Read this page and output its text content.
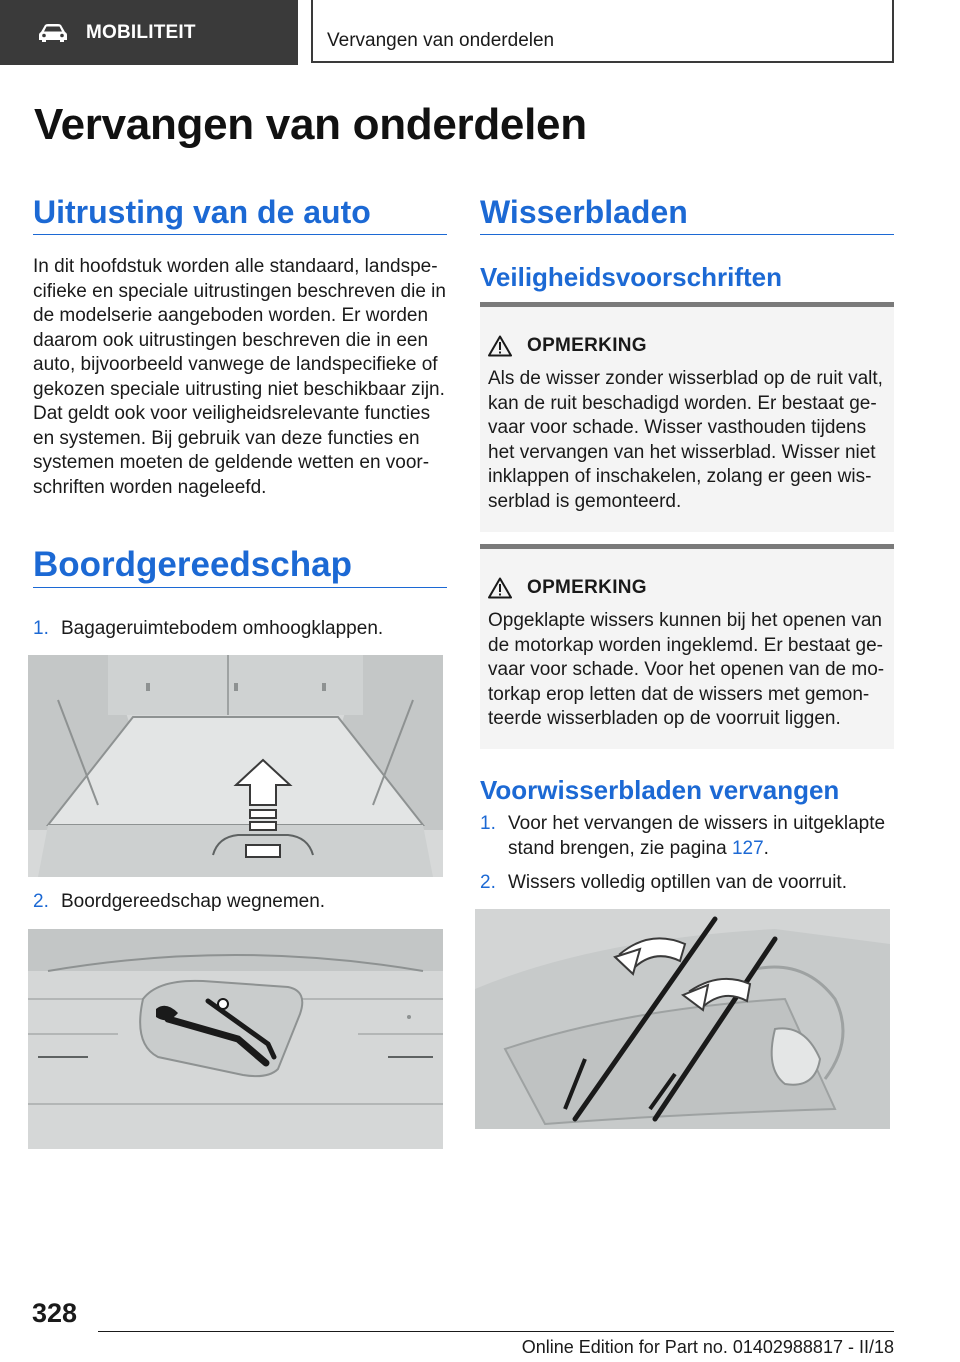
MOBILITEIT	Vervangen van onderdelen
Vervangen van onderdelen
Uitrusting van de auto
In dit hoofdstuk worden alle standaard, landspecifieke en speciale uitrustingen beschreven die in de modelserie aangeboden worden. Er worden daarom ook uitrustingen beschreven die in een auto, bijvoorbeeld vanwege de landspecifieke of gekozen speciale uitrusting niet beschikbaar zijn. Dat geldt ook voor veiligheidsrelevante functies en systemen. Bij gebruik van deze functies en systemen moeten de geldende wetten en voorschriften worden nageleefd.
Boordgereedschap
1. Bagageruimtebodem omhoogklappen.
2. Boordgereedschap wegnemen.
Wisserbladen
Veiligheidsvoorschriften
OPMERKING
Als de wisser zonder wisserblad op de ruit valt, kan de ruit beschadigd worden. Er bestaat gevaar voor schade. Wisser vasthouden tijdens het vervangen van het wisserblad. Wisser niet inklappen of inschakelen, zolang er geen wisserblad is gemonteerd.
OPMERKING
Opgeklapte wissers kunnen bij het openen van de motorkap worden ingeklemd. Er bestaat gevaar voor schade. Voor het openen van de motorkap erop letten dat de wissers met gemonteerde wisserbladen op de voorruit liggen.
Voorwisserbladen vervangen
1. Voor het vervangen de wissers in uitgeklapte stand brengen, zie pagina 127.
2. Wissers volledig optillen van de voorruit.
328
Online Edition for Part no. 01402988817 - II/18
